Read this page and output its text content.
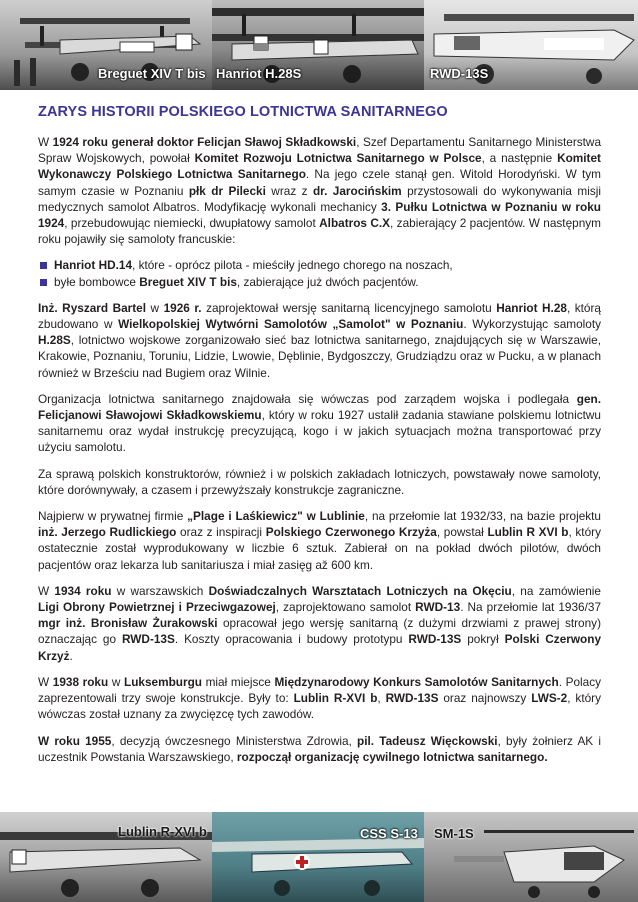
Breguet XIV T bis Hanriot H.28S	RWD-13S
ZARYS HISTORII POLSKIEGO LOTNICTWA SANITARNEGO

W 1924 roku generał doktor Felicjan Sławoj Składkowski, Szef Departamentu Sanitarnego Ministerstwa Spraw Wojskowych, powołał Komitet Rozwoju Lotnictwa Sanitarnego w Polsce, a następnie Komitet Wykonawczy Polskiego Lotnictwa Sanitarnego. Na jego czele stanął gen. Witold Horodyński. W tym samym czasie w Poznaniu płk dr Pilecki wraz z dr. Jarocińskim przystosowali do wykonywania misji medycznych samolot Albatros. Modyfikację wykonali mechanicy 3. Pułku Lotnictwa w Poznaniu w roku 1924, przebudowując niemiecki, dwupłatowy samolot Albatros C.X, zabierający 2 pacjentów. W następnym roku pojawiły się samoloty francuskie:

Hanriot HD.14, które - oprócz pilota - mieściły jednego chorego na noszach,
byłe bombowce Breguet XIV T bis, zabierające już dwóch pacjentów.

Inż. Ryszard Bartel w 1926 r. zaprojektował wersję sanitarną licencyjnego samolotu Hanriot H.28, którą zbudowano w Wielkopolskiej Wytwórni Samolotów „Samolot" w Poznaniu. Wykorzystując samoloty H.28S, lotnictwo wojskowe zorganizowało sieć baz lotnictwa sanitarnego, znajdujących się w Warszawie, Krakowie, Poznaniu, Toruniu, Lidzie, Lwowie, Dęblinie, Bydgoszczy, Grudziądzu oraz w Pucku, a w planach również w Brześciu nad Bugiem oraz Wilnie.

Organizacja lotnictwa sanitarnego znajdowała się wówczas pod zarządem wojska i podlegała gen. Felicjanowi Sławojowi Składkowskiemu, który w roku 1927 ustalił zadania stawiane polskiemu lotnictwu sanitarnemu oraz wydał instrukcję precyzującą, kogo i w jakich sytuacjach można transportować przy użyciu samolotu.

Za sprawą polskich konstruktorów, również i w polskich zakładach lotniczych, powstawały nowe samoloty, które dorównywały, a czasem i przewyższały konstrukcje zagraniczne.

Najpierw w prywatnej firmie „Plage i Laśkiewicz" w Lublinie, na przełomie lat 1932/33, na bazie projektu inż. Jerzego Rudlickiego oraz z inspiracji Polskiego Czerwonego Krzyża, powstał Lublin R XVI b, który ostatecznie został wyprodukowany w liczbie 6 sztuk. Zabierał on na pokład dwóch pilotów, dwóch pacjentów oraz lekarza lub sanitariusza i miał zasięg až 600 km.

W 1934 roku w warszawskich Doświadczalnych Warsztatach Lotniczych na Okęciu, na zamówienie Ligi Obrony Powietrznej i Przeciwgazowej, zaprojektowano samolot RWD-13. Na przełomie lat 1936/37 mgr inż. Bronisław Żurakowski opracował jego wersję sanitarną (z dużymi drzwiami z prawej strony) oznaczając go RWD-13S. Koszty opracowania i budowy prototypu RWD-13S pokrył Polski Czerwony Krzyż.

W 1938 roku w Luksemburgu miał miejsce Międzynarodowy Konkurs Samolotów Sanitarnych. Polacy zaprezentowali trzy swoje konstrukcje. Były to: Lublin R-XVI b, RWD-13S oraz najnowszy LWS-2, który wówczas został uznany za zwycięzcę tych zawodów.

W roku 1955, decyzją ówczesnego Ministerstwa Zdrowia, pil. Tadeusz Więckowski, były żołnierz AK i uczestnik Powstania Warszawskiego, rozpoczął organizację cywilnego lotnictwa sanitarnego.

Lublin R-XVI b	CSS S-13 SM-1S
